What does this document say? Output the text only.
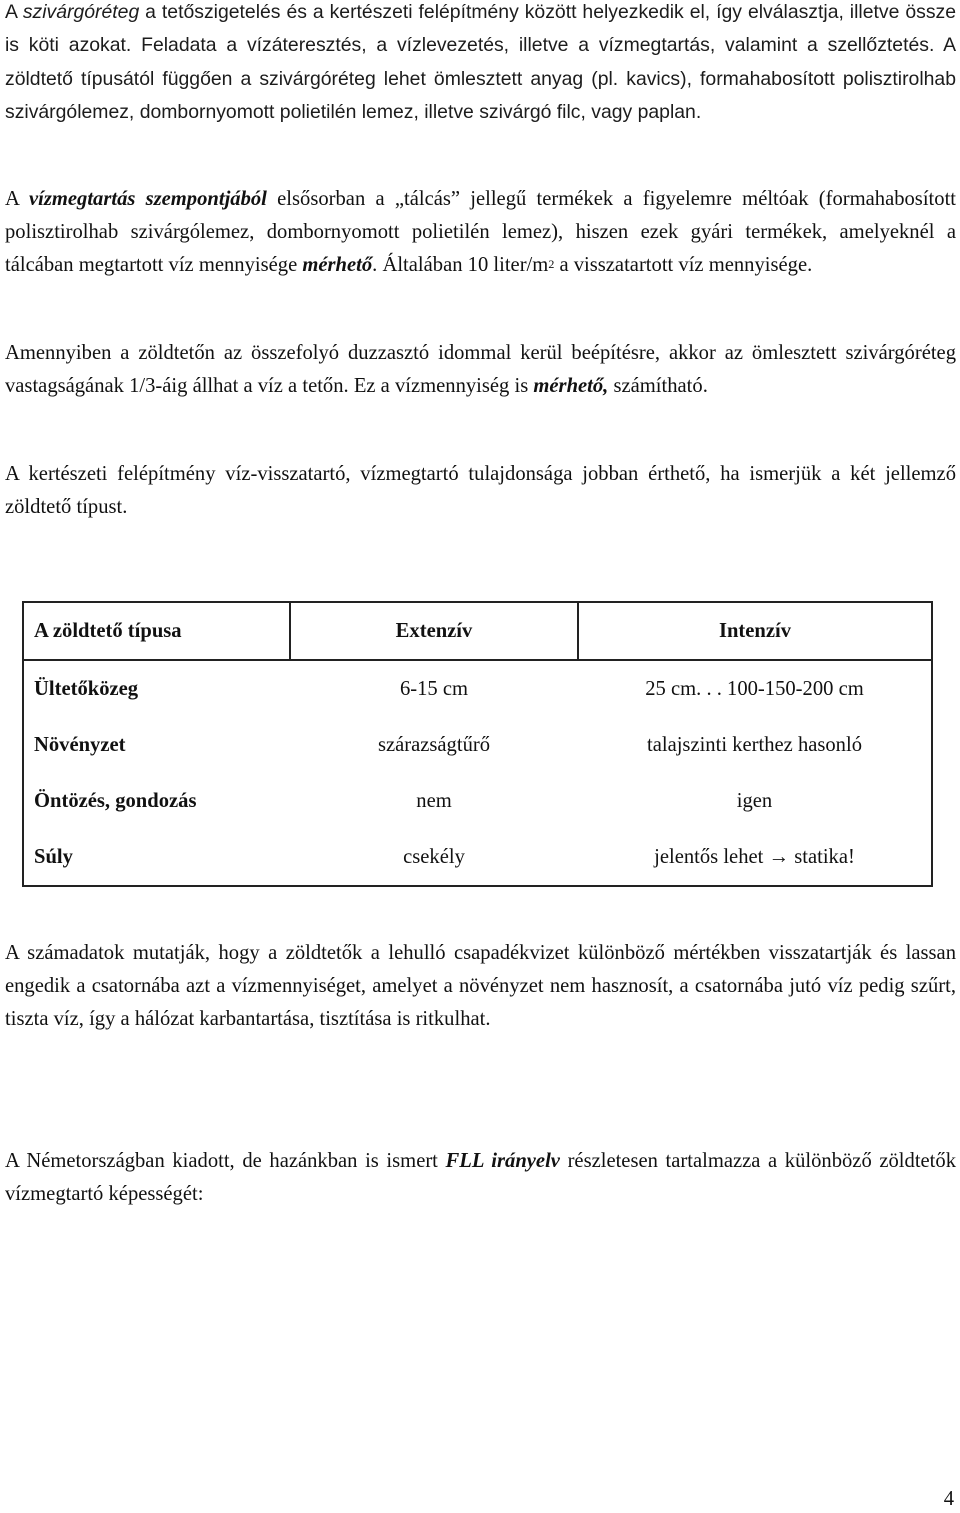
A szivárgóréteg a tetőszigetelés és a kertészeti felépítmény között helyezkedik el, így elválasztja, illetve össze is köti azokat. Feladata a vízáteresztés, a vízlevezetés, illetve a vízmegtartás, valamint a szellőztetés. A zöldtető típusától függően a szivárgóréteg lehet ömlesztett anyag (pl. kavics), formahabosított polisztirolhab szivárgólemez, dombornyomott polietilén lemez, illetve szivárgó filc, vagy paplan.

A vízmegtartás szempontjából elsősorban a „tálcás” jellegű termékek a figyelemre méltóak (formahabosított polisztirolhab szivárgólemez, dombornyomott polietilén lemez), hiszen ezek gyári termékek, amelyeknél a tálcában megtartott víz mennyisége mérhető. Általában 10 liter/$m^2$ a visszatartott víz mennyisége.

Amennyiben a zöldtetőn az összefolyó duzzasztó idommal kerül beépítésre, akkor az ömlesztett szivárgóréteg vastagságának 1/3-áig állhat a víz a tetőn. Ez a vízmennyiség is mérhető, számítható.

A kertészeti felépítmény víz-visszatartó, vízmegtartó tulajdonsága jobban érthető, ha ismerjük a két jellemző zöldtető típust.

A zöldtető típusa	Extenzív	Intenzív
Ültetőközeg	6-15 cm	25 cm. . . 100-150-200 cm
Növényzet	szárazságtűrő	talajszinti kerthez hasonló
Öntözés, gondozás	nem	igen
Súly	csekély	jelentős lehet → statika!

A számadatok mutatják, hogy a zöldtetők a lehulló csapadékvizet különböző mértékben visszatartják és lassan engedik a csatornába azt a vízmennyiséget, amelyet a növényzet nem hasznosít, a csatornába jutó víz pedig szűrt, tiszta víz, így a hálózat karbantartása, tisztítása is ritkulhat.

A Németországban kiadott, de hazánkban is ismert FLL irányelv részletesen tartalmazza a különböző zöldtetők vízmegtartó képességét:

4
